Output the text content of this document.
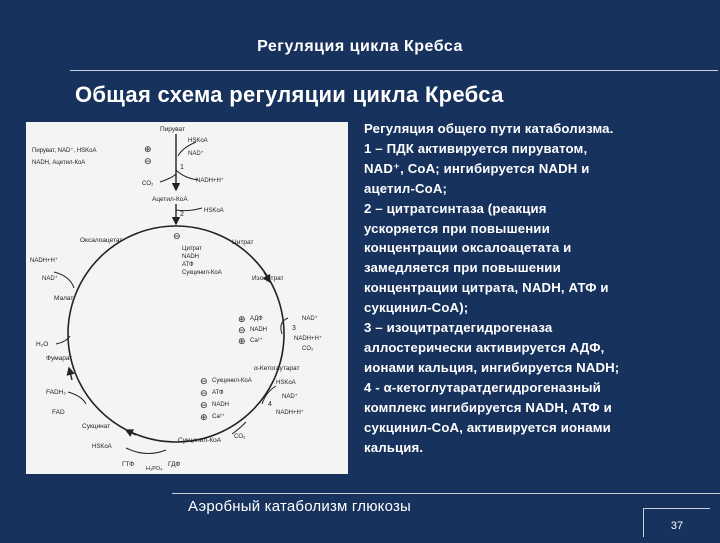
Регуляция цикла Кребса
Общая схема регуляции цикла Кребса
Пируват
HSKoA
⊕	NAD⁺
Пируват, NAD⁺, HSKoA
⊖
NADH, Ацетил-КоА
1
CO₂	NADH+H⁺
Ацетил-КоА
2	HSKoA
Оксалоацетат	⊖
Цитрат
Цитрат
NADH
АТФ
Сукцинил-КоА
Изоцитрат
NADH+H⁺
NAD⁺
Малат
H₂O
Фумарат
FADH₂
FAD
Сукцинат
HSKoA
⊕ АДФ
⊖ NADH
⊕ Ca²⁺
NAD⁺
3
NADH+H⁺
CO₂
α-Кетоглутарат
⊖ Сукцинил-КоА	HSKoA
⊖ АТФ
NAD⁺
4
⊖ NADH
NADH+H⁺
⊕ Ca²⁺
CO₂
Сукцинил-КоА
ГТФ
H₃PO₄
ГДФ
Регуляция общего пути катаболизма.
1 – ПДК активируется пируватом,
NAD⁺, CoA; ингибируется NADH и
ацетил-CoA;
2 – цитратсинтаза (реакция
ускоряется при повышении
концентрации оксалоацетата и
замедляется при повышении
концентрации цитрата, NADH, АТФ и
сукцинил-CoA);
3 – изоцитратдегидрогеназа
аллостерически активируется АДФ,
ионами кальция, ингибируется NADH;
4 - α-кетоглутаратдегидрогеназный
комплекс ингибируется NADH, АТФ и
сукцинил-CoA, активируется ионами
кальция.
Аэробный катаболизм глюкозы
37
